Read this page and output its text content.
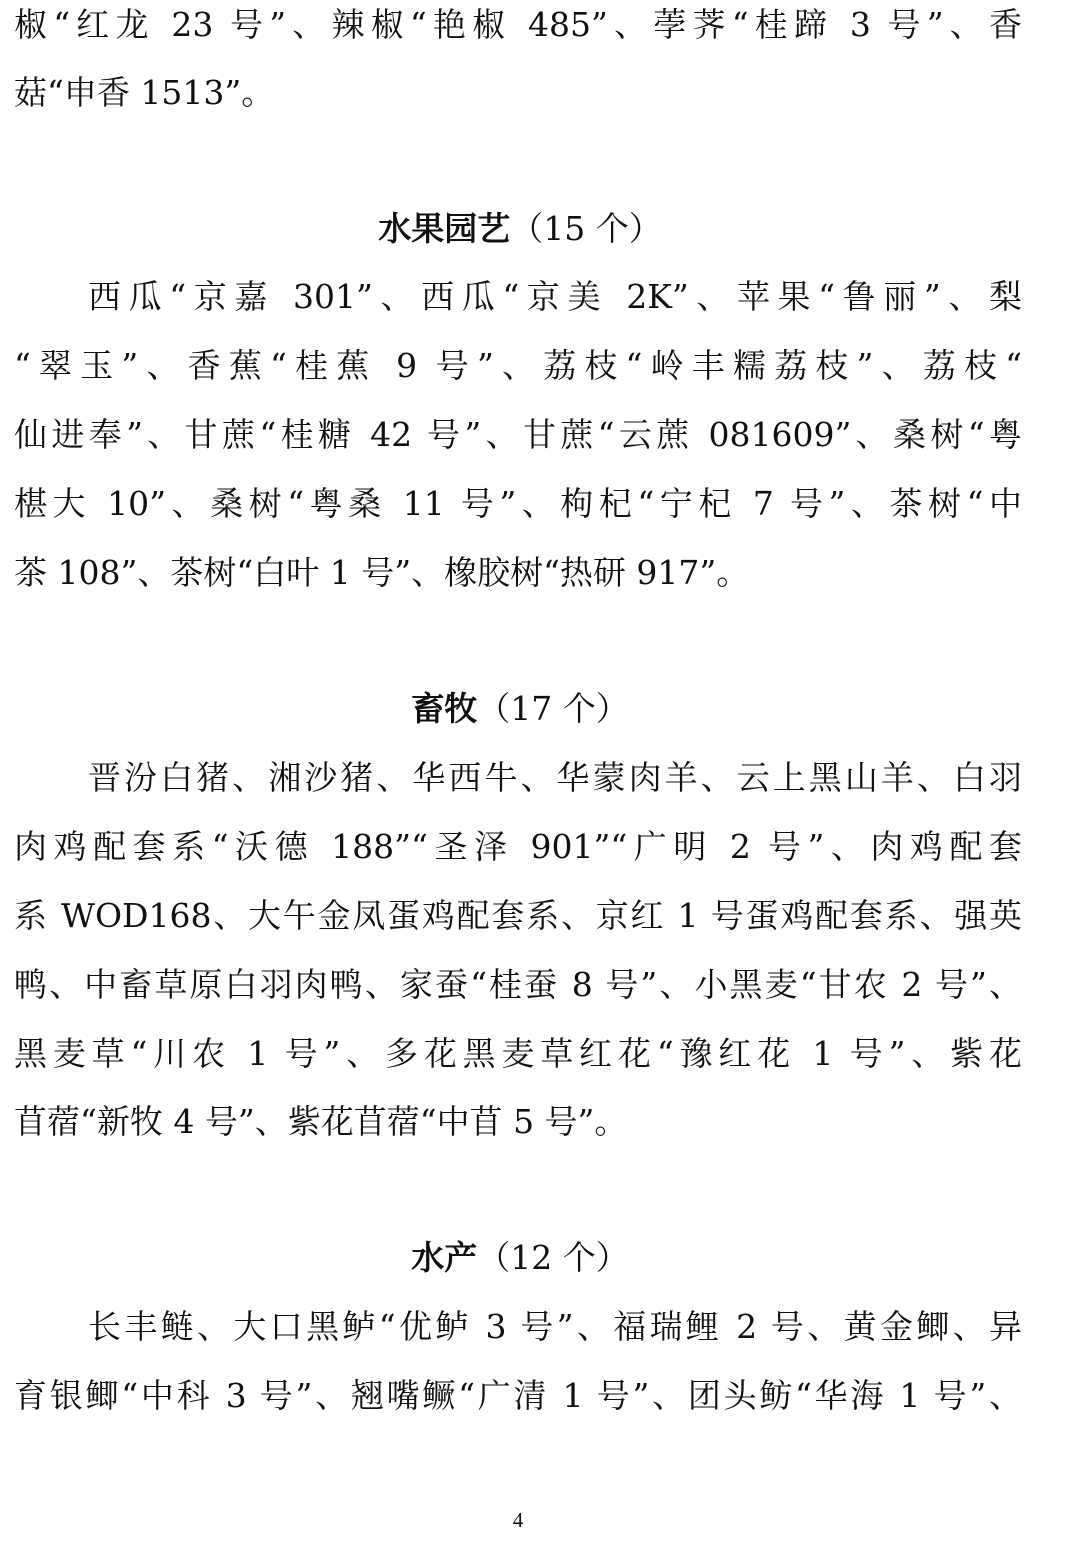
椒“红龙 23 号”、辣椒“艳椒 485”、荸荠“桂蹄 3 号”、香
菇“申香 1513”。
水果园艺（15 个）
西瓜“京嘉 301”、西瓜“京美 2K”、苹果“鲁丽”、梨
“翠玉”、香蕉“桂蕉 9 号”、荔枝“岭丰糯荔枝”、荔枝“
仙进奉”、甘蔗“桂糖 42 号”、甘蔗“云蔗 081609”、桑树“粤
椹大 10”、桑树“粤桑 11 号”、枸杞“宁杞 7 号”、茶树“中
茶 108”、茶树“白叶 1 号”、橡胶树“热研 917”。
畜牧（17 个）
晋汾白猪、湘沙猪、华西牛、华蒙肉羊、云上黑山羊、白羽
肉鸡配套系“沃德 188”“圣泽 901”“广明 2 号”、肉鸡配套
系 WOD168、大午金凤蛋鸡配套系、京红 1 号蛋鸡配套系、强英
鸭、中畜草原白羽肉鸭、家蚕“桂蚕 8 号”、小黑麦“甘农 2 号”、
黑麦草“川农 1 号”、多花黑麦草红花“豫红花 1 号”、紫花
苜蓿“新牧 4 号”、紫花苜蓿“中苜 5 号”。
水产（12 个）
长丰鲢、大口黑鲈“优鲈 3 号”、福瑞鲤 2 号、黄金鲫、异
育银鲫“中科 3 号”、翘嘴鳜“广清 1 号”、团头鲂“华海 1 号”、
4
